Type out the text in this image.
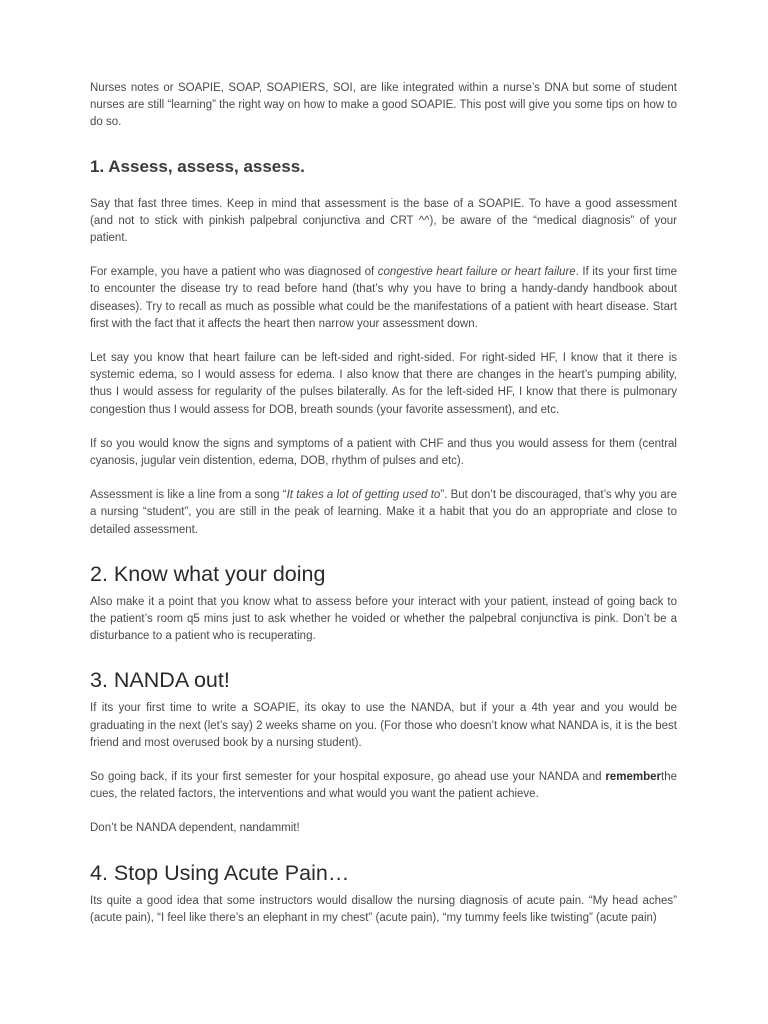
Nurses notes or SOAPIE, SOAP, SOAPIERS, SOI, are like integrated within a nurse’s DNA but some of student nurses are still “learning” the right way on how to make a good SOAPIE. This post will give you some tips on how to do so.

1. Assess, assess, assess.

Say that fast three times. Keep in mind that assessment is the base of a SOAPIE. To have a good assessment (and not to stick with pinkish palpebral conjunctiva and CRT ^^), be aware of the “medical diagnosis” of your patient.

For example, you have a patient who was diagnosed of congestive heart failure or heart failure. If its your first time to encounter the disease try to read before hand (that’s why you have to bring a handy-dandy handbook about diseases). Try to recall as much as possible what could be the manifestations of a patient with heart disease. Start first with the fact that it affects the heart then narrow your assessment down.

Let say you know that heart failure can be left-sided and right-sided. For right-sided HF, I know that it there is systemic edema, so I would assess for edema. I also know that there are changes in the heart’s pumping ability, thus I would assess for regularity of the pulses bilaterally. As for the left-sided HF, I know that there is pulmonary congestion thus I would assess for DOB, breath sounds (your favorite assessment), and etc.

If so you would know the signs and symptoms of a patient with CHF and thus you would assess for them (central cyanosis, jugular vein distention, edema, DOB, rhythm of pulses and etc).

Assessment is like a line from a song “It takes a lot of getting used to”. But don’t be discouraged, that’s why you are a nursing “student”, you are still in the peak of learning. Make it a habit that you do an appropriate and close to detailed assessment.

2. Know what your doing

Also make it a point that you know what to assess before your interact with your patient, instead of going back to the patient’s room q5 mins just to ask whether he voided or whether the palpebral conjunctiva is pink. Don’t be a disturbance to a patient who is recuperating.

3. NANDA out!

If its your first time to write a SOAPIE, its okay to use the NANDA, but if your a 4th year and you would be graduating in the next (let’s say) 2 weeks shame on you. (For those who doesn’t know what NANDA is, it is the best friend and most overused book by a nursing student).

So going back, if its your first semester for your hospital exposure, go ahead use your NANDA and rememberthe cues, the related factors, the interventions and what would you want the patient achieve.

Don’t be NANDA dependent, nandammit!

4. Stop Using Acute Pain…

Its quite a good idea that some instructors would disallow the nursing diagnosis of acute pain. “My head aches” (acute pain), “I feel like there’s an elephant in my chest” (acute pain), “my tummy feels like twisting” (acute pain)
